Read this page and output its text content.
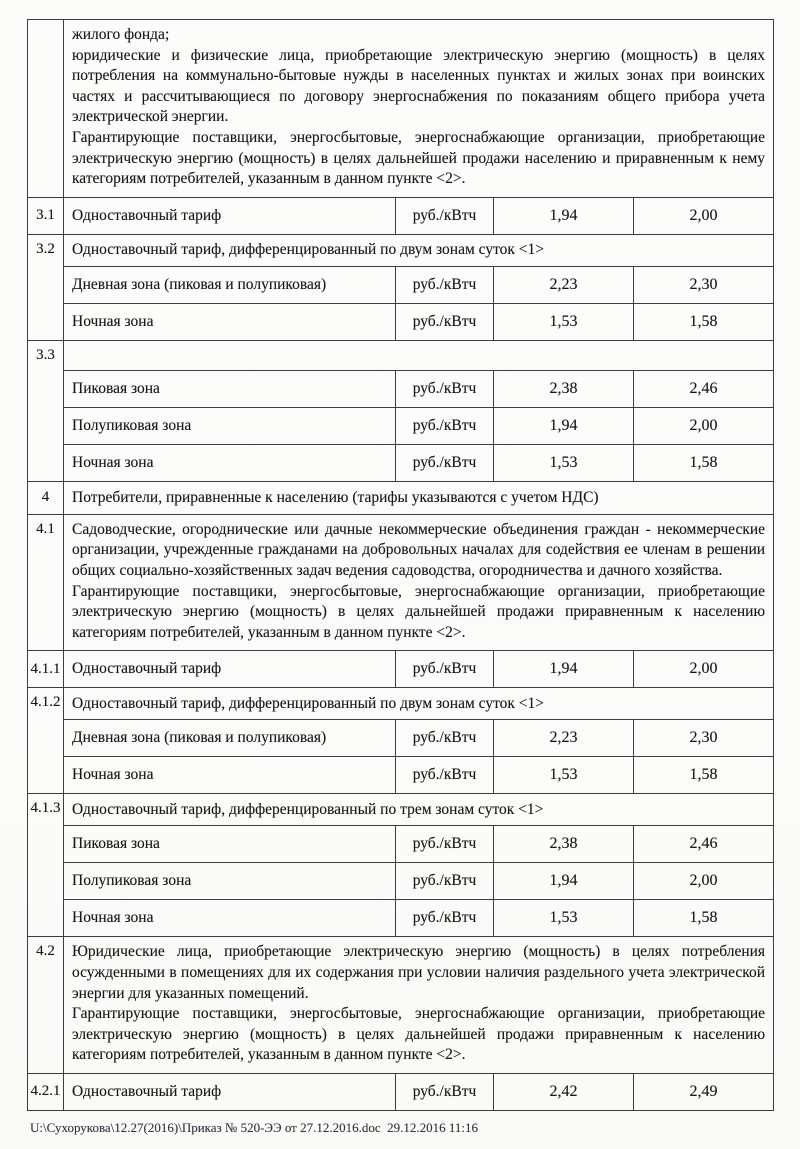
	жилого фонда;

юридические и физические лица, приобретающие электрическую энергию (мощность) в целях потребления на коммунально-бытовые нужды в населенных пунктах и жилых зонах при воинских частях и рассчитывающиеся по договору энергоснабжения по показаниям общего прибора учета электрической энергии.

Гарантирующие поставщики, энергосбытовые, энергоснабжающие организации, приобретающие электрическую энергию (мощность) в целях дальнейшей продажи населению и приравненным к нему категориям потребителей, указанным в данном пункте <2>.			

3.1	Одноставочный тариф	руб./кВтч	1,94	2,00
3.2	Одноставочный тариф, дифференцированный по двум зонам суток <1>			
	Дневная зона (пиковая и полупиковая)	руб./кВтч	2,23	2,30
	Ночная зона	руб./кВтч	1,53	1,58
3.3				
	Пиковая зона	руб./кВтч	2,38	2,46
	Полупиковая зона	руб./кВтч	1,94	2,00
	Ночная зона	руб./кВтч	1,53	1,58
4	Потребители, приравненные к населению (тарифы указываются с учетом НДС)			
4.1	Садоводческие, огороднические или дачные некоммерческие объединения граждан - некоммерческие организации, учрежденные гражданами на добровольных началах для содействия ее членам в решении общих социально-хозяйственных задач ведения садоводства, огородничества и дачного хозяйства.

Гарантирующие поставщики, энергосбытовые, энергоснабжающие организации, приобретающие электрическую энергию (мощность) в целях дальнейшей продажи приравненным к населению категориям потребителей, указанным в данном пункте <2>.			

4.1.1	Одноставочный тариф	руб./кВтч	1,94	2,00
4.1.2	Одноставочный тариф, дифференцированный по двум зонам суток <1>			
	Дневная зона (пиковая и полупиковая)	руб./кВтч	2,23	2,30
	Ночная зона	руб./кВтч	1,53	1,58
4.1.3	Одноставочный тариф, дифференцированный по трем зонам суток <1>			
	Пиковая зона	руб./кВтч	2,38	2,46
	Полупиковая зона	руб./кВтч	1,94	2,00
	Ночная зона	руб./кВтч	1,53	1,58
4.2	Юридические лица, приобретающие электрическую энергию (мощность) в целях потребления осужденными в помещениях для их содержания при условии наличия раздельного учета электрической энергии для указанных помещений.

Гарантирующие поставщики, энергосбытовые, энергоснабжающие организации, приобретающие электрическую энергию (мощность) в целях дальнейшей продажи приравненным к населению категориям потребителей, указанным в данном пункте <2>.			

4.2.1	Одноставочный тариф	руб./кВтч	2,42	2,49
U:\Сухорукова\12.27(2016)\Приказ № 520-ЭЭ от 27.12.2016.doc  29.12.2016 11:16
